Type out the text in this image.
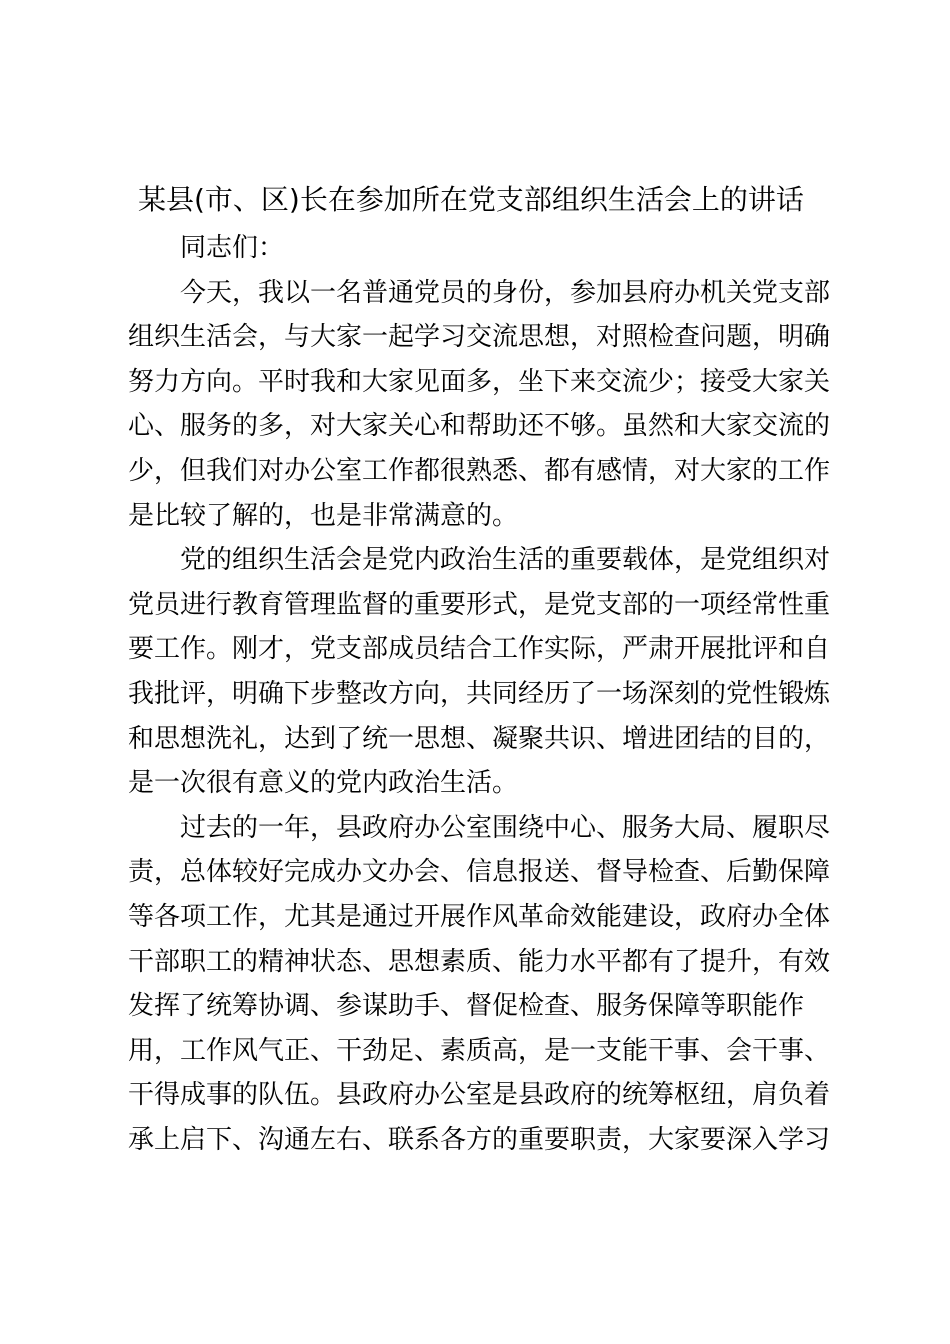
某县(市、区)长在参加所在党支部组织生活会上的讲话
同志们：
今天，我以一名普通党员的身份，参加县府办机关党支部
组织生活会，与大家一起学习交流思想，对照检查问题，明确
努力方向。平时我和大家见面多，坐下来交流少；接受大家关
心、服务的多，对大家关心和帮助还不够。虽然和大家交流的
少，但我们对办公室工作都很熟悉、都有感情，对大家的工作
是比较了解的，也是非常满意的。
党的组织生活会是党内政治生活的重要载体，是党组织对
党员进行教育管理监督的重要形式，是党支部的一项经常性重
要工作。刚才，党支部成员结合工作实际，严肃开展批评和自
我批评，明确下步整改方向，共同经历了一场深刻的党性锻炼
和思想洗礼，达到了统一思想、凝聚共识、增进团结的目的，
是一次很有意义的党内政治生活。
过去的一年，县政府办公室围绕中心、服务大局、履职尽
责，总体较好完成办文办会、信息报送、督导检查、后勤保障
等各项工作，尤其是通过开展作风革命效能建设，政府办全体
干部职工的精神状态、思想素质、能力水平都有了提升，有效
发挥了统筹协调、参谋助手、督促检查、服务保障等职能作
用，工作风气正、干劲足、素质高，是一支能干事、会干事、
干得成事的队伍。县政府办公室是县政府的统筹枢纽，肩负着
承上启下、沟通左右、联系各方的重要职责，大家要深入学习
